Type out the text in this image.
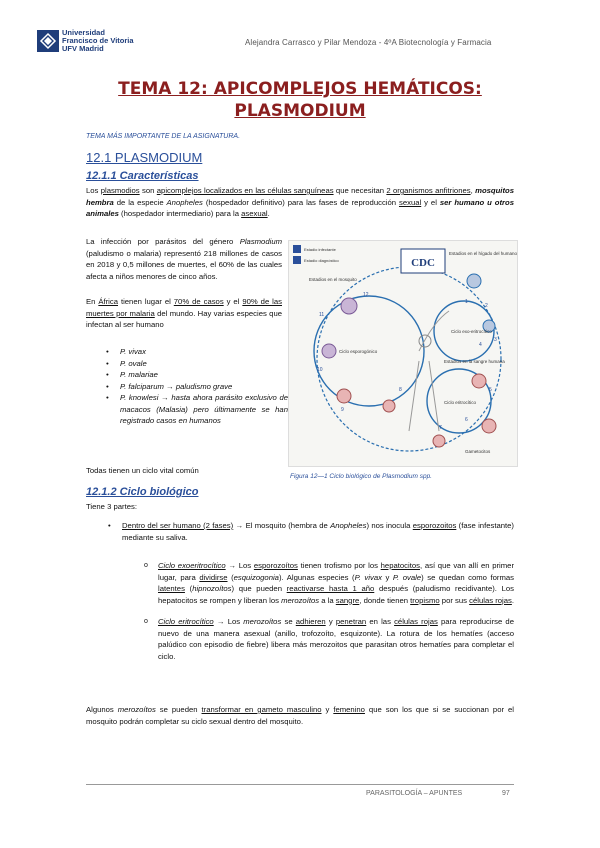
Universidad
Francisco de Vitoria
UFV Madrid
Alejandra Carrasco y Pilar Mendoza - 4ºA Biotecnología y Farmacia
TEMA 12: APICOMPLEJOS HEMÁTICOS:
PLASMODIUM
TEMA MÁS IMPORTANTE DE LA ASIGNATURA.
12.1 PLASMODIUM
12.1.1 Características
Los plasmodios son apicomplejos localizados en las células sanguíneas que necesitan 2 organismos anfitriones, mosquitos hembra de la especie Anopheles (hospedador definitivo) para las fases de reproducción sexual y el ser humano u otros animales (hospedador intermediario) para la asexual.
La infección por parásitos del género Plasmodium (paludismo o malaria) representó 218 millones de casos en 2018 y 0,5 millones de muertes, el 60% de las cuales afecta a niños menores de cinco años.
En África tienen lugar el 70% de casos y el 90% de las muertes por malaria del mundo. Hay varias especies que infectan al ser humano
• P. vivax
• P. ovale
• P. malariae
• P. falciparum → paludismo grave
• P. knowlesi → hasta ahora parásito exclusivo de macacos (Malasia) pero últimamente se han registrado casos en humanos
Todas tienen un ciclo vital común
CDC
Estadio infectante
Estadio diagnóstico
Estadios en el mosquito
Estadios en el hígado del humano
Estadios en la sangre humana
Ciclo exo-eritrocítico
Ciclo eritrocítico
Ciclo esporogónico
Gametocitos
1
2
3
4
5
6
7
8
9
10
11
12
Figura 12—1 Ciclo biológico de Plasmodium spp.
12.1.2 Ciclo biológico
Tiene 3 partes:
• Dentro del ser humano (2 fases) → El mosquito (hembra de Anopheles) nos inocula esporozoitos (fase infestante) mediante su saliva.
o Ciclo exoeritrocítico → Los esporozoítos tienen trofismo por los hepatocitos, así que van allí en primer lugar, para dividirse (esquizogonia). Algunas especies (P. vivax y P. ovale) se quedan como formas latentes (hipnozoítos) que pueden reactivarse hasta 1 año después (paludismo recidivante). Los hepatocitos se rompen y liberan los merozoítos a la sangre, donde tienen tropismo por sus células rojas.
o Ciclo eritrocítico → Los merozoítos se adhieren y penetran en las células rojas para reproducirse de nuevo de una manera asexual (anillo, trofozoíto, esquizonte). La rotura de los hematíes (acceso palúdico con episodio de fiebre) libera más merozoitos que parasitan otros hematíes para completar el ciclo.
Algunos merozoítos se pueden transformar en gameto masculino y femenino que son los que si se succionan por el mosquito podrán completar su ciclo sexual dentro del mosquito.
PARASITOLOGÍA – APUNTES	97
